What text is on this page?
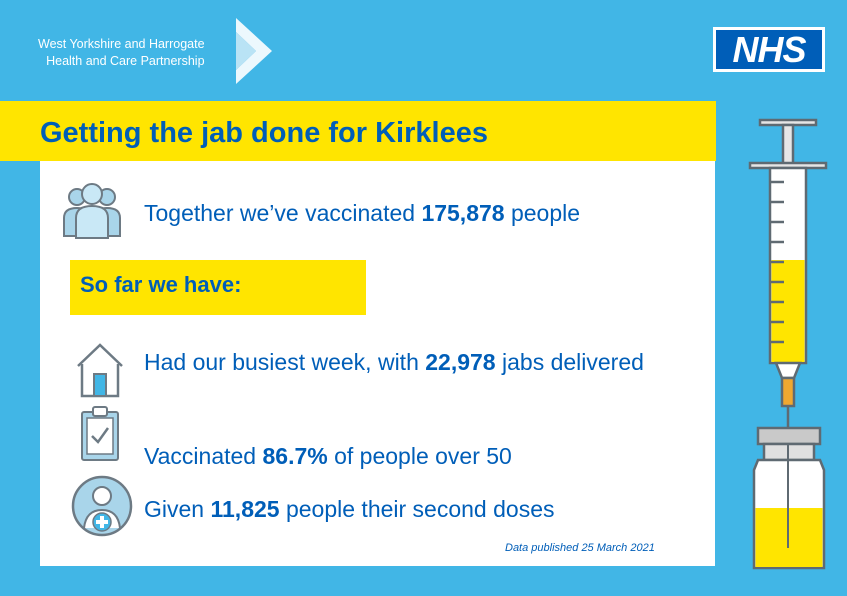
West Yorkshire and Harrogate
Health and Care Partnership	NHS
Getting the jab done for Kirklees
Together we’ve vaccinated 175,878 people
So far we have:
Had our busiest week, with 22,978 jabs delivered
Vaccinated 86.7% of people over 50
Given 11,825 people their second doses
Data published 25 March 2021
